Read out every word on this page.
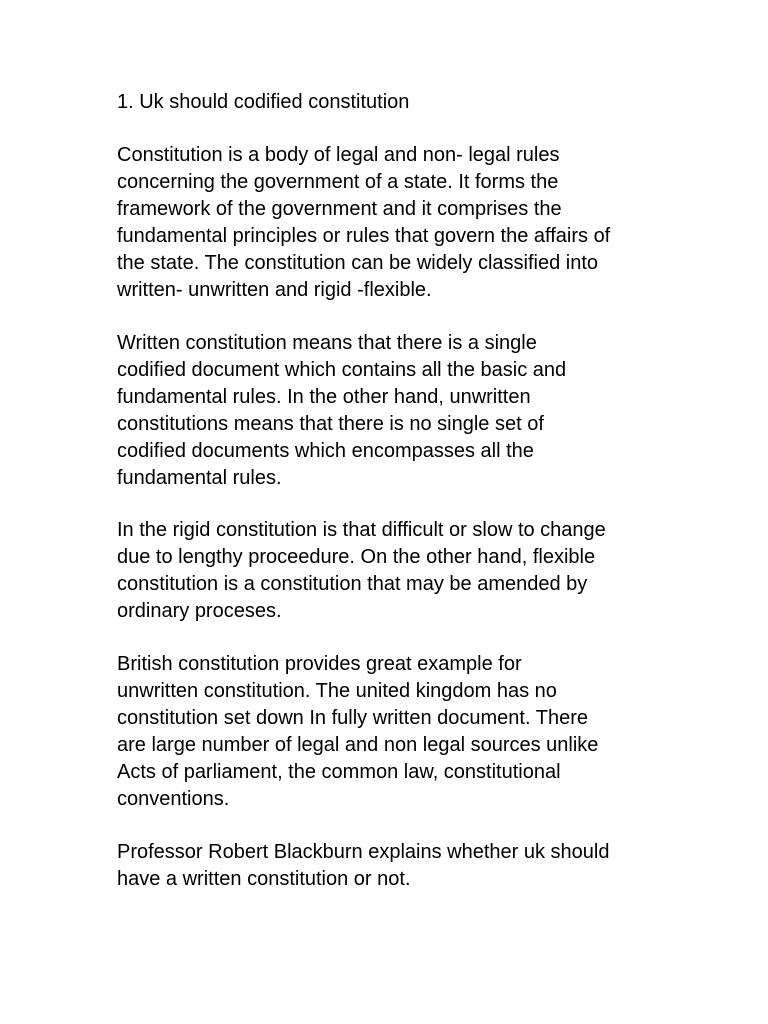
1. Uk should codified constitution

Constitution is a body of legal and non- legal rules
concerning the government of a state. It forms the
framework of the government and it comprises the
fundamental principles or rules that govern the affairs of
the state. The constitution can be widely classified into
written- unwritten and rigid -flexible.

Written constitution means that there is a single
codified document which contains all the basic and
fundamental rules. In the other hand, unwritten
constitutions means that there is no single set of
codified documents which encompasses all the
fundamental rules.

In the rigid constitution is that difficult or slow to change
due to lengthy proceedure. On the other hand, flexible
constitution is a constitution that may be amended by
ordinary proceses.

British constitution provides great example for
unwritten constitution. The united kingdom has no
constitution set down In fully written document. There
are large number of legal and non legal sources unlike
Acts of parliament, the common law, constitutional
conventions.

Professor Robert Blackburn explains whether uk should
have a written constitution or not.
